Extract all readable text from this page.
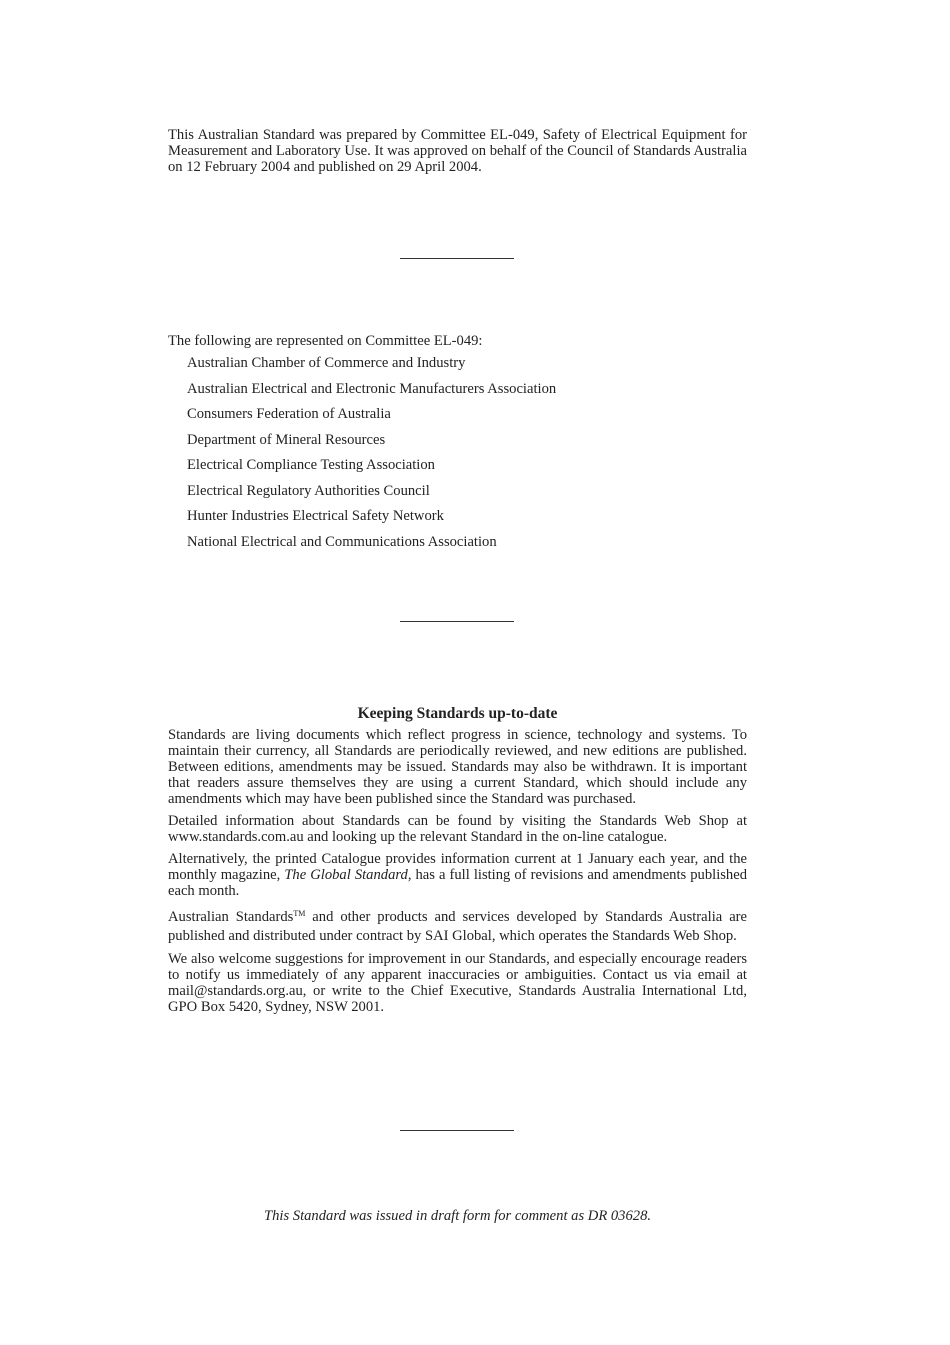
This Australian Standard was prepared by Committee EL-049, Safety of Electrical Equipment for Measurement and Laboratory Use. It was approved on behalf of the Council of Standards Australia on 12 February 2004 and published on 29 April 2004.

The following are represented on Committee EL-049:
Australian Chamber of Commerce and Industry
Australian Electrical and Electronic Manufacturers Association
Consumers Federation of Australia
Department of Mineral Resources
Electrical Compliance Testing Association
Electrical Regulatory Authorities Council
Hunter Industries Electrical Safety Network
National Electrical and Communications Association
Keeping Standards up-to-date

Standards are living documents which reflect progress in science, technology and systems. To maintain their currency, all Standards are periodically reviewed, and new editions are published. Between editions, amendments may be issued. Standards may also be withdrawn. It is important that readers assure themselves they are using a current Standard, which should include any amendments which may have been published since the Standard was purchased.

Detailed information about Standards can be found by visiting the Standards Web Shop at www.standards.com.au and looking up the relevant Standard in the on-line catalogue.

Alternatively, the printed Catalogue provides information current at 1 January each year, and the monthly magazine, The Global Standard, has a full listing of revisions and amendments published each month.

Australian Standards™ and other products and services developed by Standards Australia are published and distributed under contract by SAI Global, which operates the Standards Web Shop.

We also welcome suggestions for improvement in our Standards, and especially encourage readers to notify us immediately of any apparent inaccuracies or ambiguities. Contact us via email at mail@standards.org.au, or write to the Chief Executive, Standards Australia International Ltd, GPO Box 5420, Sydney, NSW 2001.

This Standard was issued in draft form for comment as DR 03628.
